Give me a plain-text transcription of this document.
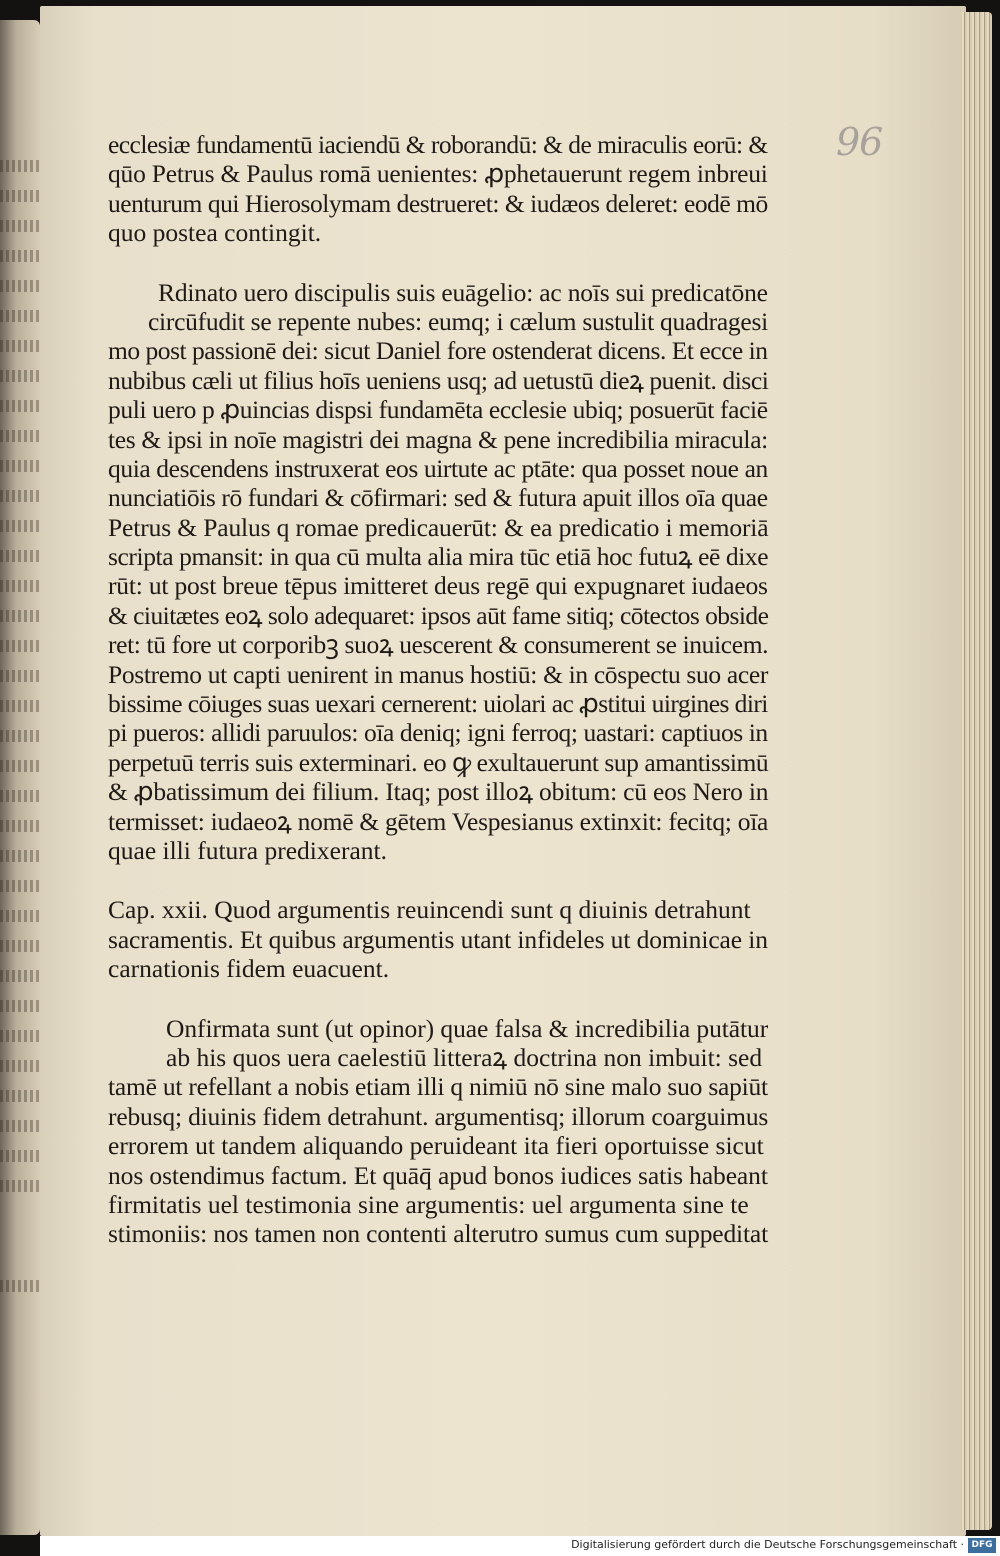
96
ecclesiæ fundamentū iaciendū & roborandū: & de miraculis eorū: &
qūo Petrus & Paulus romā uenientes: ꝓphetauerunt regem inbreui
uenturum qui Hierosolymam destrueret: & iudæos deleret: eodē mō
quo postea contingit.
Rdinato uero discipulis suis euāgelio: ac noīs sui predicatōne
circūfudit se repente nubes: eumq; i cælum sustulit quadragesi
mo post passionē dei: sicut Daniel fore ostenderat dicens. Et ecce in
nubibus cæli ut filius hoīs ueniens usq; ad uetustū dieꝝ puenit. disci
puli uero p ꝓuincias dispsi fundamēta ecclesie ubiq; posuerūt faciē
tes & ipsi in noīe magistri dei magna & pene incredibilia miracula:
quia descendens instruxerat eos uirtute ac ptāte: qua posset noue an
nunciatiōis rō fundari & cōfirmari: sed & futura apuit illos oīa quae
Petrus & Paulus q romae predicauerūt: & ea predicatio i memoriā
scripta pmansit: in qua cū multa alia mira tūc etiā hoc futuꝝ eē dixe
rūt: ut post breue tēpus imitteret deus regē qui expugnaret iudaeos
& ciuitætes eoꝝ solo adequaret: ipsos aūt fame sitiq; cōtectos obside
ret: tū fore ut corporibꝫ suoꝝ uescerent & consumerent se inuicem.
Postremo ut capti uenirent in manus hostiū: & in cōspectu suo acer
bissime cōiuges suas uexari cernerent: uiolari ac ꝓstitui uirgines diri
pi pueros: allidi paruulos: oīa deniq; igni ferroq; uastari: captiuos in
perpetuū terris suis exterminari. eo ꝙ exultauerunt sup amantissimū
& ꝓbatissimum dei filium. Itaq; post illoꝝ obitum: cū eos Nero in
termisset: iudaeoꝝ nomē & gētem Vespesianus extinxit: fecitq; oīa
quae illi futura predixerant.
Cap. xxii. Quod argumentis reuincendi sunt q diuinis detrahunt
sacramentis. Et quibus argumentis utant infideles ut dominicae in
carnationis fidem euacuent.
Onfirmata sunt (ut opinor) quae falsa & incredibilia putātur
ab his quos uera caelestiū litteraꝝ doctrina non imbuit: sed
tamē ut refellant a nobis etiam illi q nimiū nō sine malo suo sapiūt
rebusq; diuinis fidem detrahunt. argumentisq; illorum coarguimus
errorem ut tandem aliquando peruideant ita fieri oportuisse sicut
nos ostendimus factum. Et quāq̄ apud bonos iudices satis habeant
firmitatis uel testimonia sine argumentis: uel argumenta sine te
stimoniis: nos tamen non contenti alterutro sumus cum suppeditat
Digitalisierung gefördert durch die Deutsche Forschungsgemeinschaft · DFG
